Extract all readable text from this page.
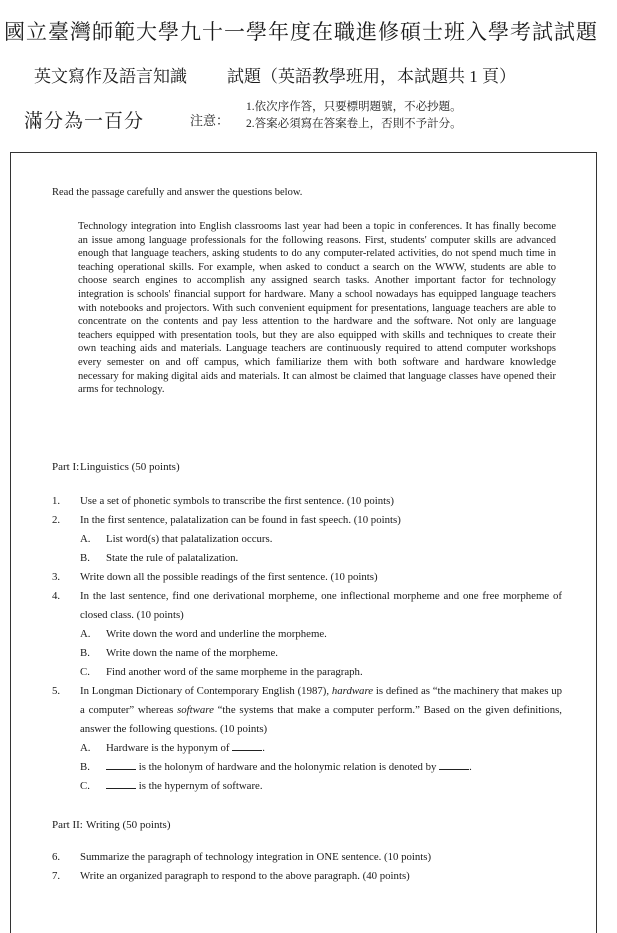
國立臺灣師範大學九十一學年度在職進修碩士班入學考試試題
英文寫作及語言知識 試題（英語教學班用，本試題共 1 頁）
滿分為一百分	注意：
1.依次序作答，只要標明題號，不必抄題。
2.答案必須寫在答案卷上，否則不予計分。
Read the passage carefully and answer the questions below.

Technology integration into English classrooms last year had been a topic in conferences. It has finally become an issue among language professionals for the following reasons. First, students' computer skills are advanced enough that language teachers, asking students to do any computer-related activities, do not spend much time in teaching operational skills. For example, when asked to conduct a search on the WWW, students are able to choose search engines to accomplish any assigned search tasks. Another important factor for technology integration is schools' financial support for hardware. Many a school nowadays has equipped language teachers with notebooks and projectors. With such convenient equipment for presentations, language teachers are able to concentrate on the contents and pay less attention to the hardware and the software. Not only are language teachers equipped with presentation tools, but they are also equipped with skills and techniques to create their own teaching aids and materials. Language teachers are continuously required to attend computer workshops every semester on and off campus, which familiarize them with both software and hardware knowledge necessary for making digital aids and materials. It can almost be claimed that language classes have opened their arms for technology.

Part I:Linguistics (50 points)
1. Use a set of phonetic symbols to transcribe the first sentence. (10 points)
2. In the first sentence, palatalization can be found in fast speech. (10 points)
A. List word(s) that palatalization occurs.
B. State the rule of palatalization.
3. Write down all the possible readings of the first sentence. (10 points)
4. In the last sentence, find one derivational morpheme, one inflectional morpheme and one free morpheme of closed class. (10 points)
A. Write down the word and underline the morpheme.
B. Write down the name of the morpheme.
C. Find another word of the same morpheme in the paragraph.
5. In Longman Dictionary of Contemporary English (1987), hardware is defined as “the machinery that makes up a computer” whereas software “the systems that make a computer perform.” Based on the given definitions, answer the following questions. (10 points)
A. Hardware is the hyponym of	.
B.	is the holonym of hardware and the holonymic relation is denoted by	.
C.	is the hypernym of software.
Part II: Writing (50 points)
6. Summarize the paragraph of technology integration in ONE sentence. (10 points)
7. Write an organized paragraph to respond to the above paragraph. (40 points)
